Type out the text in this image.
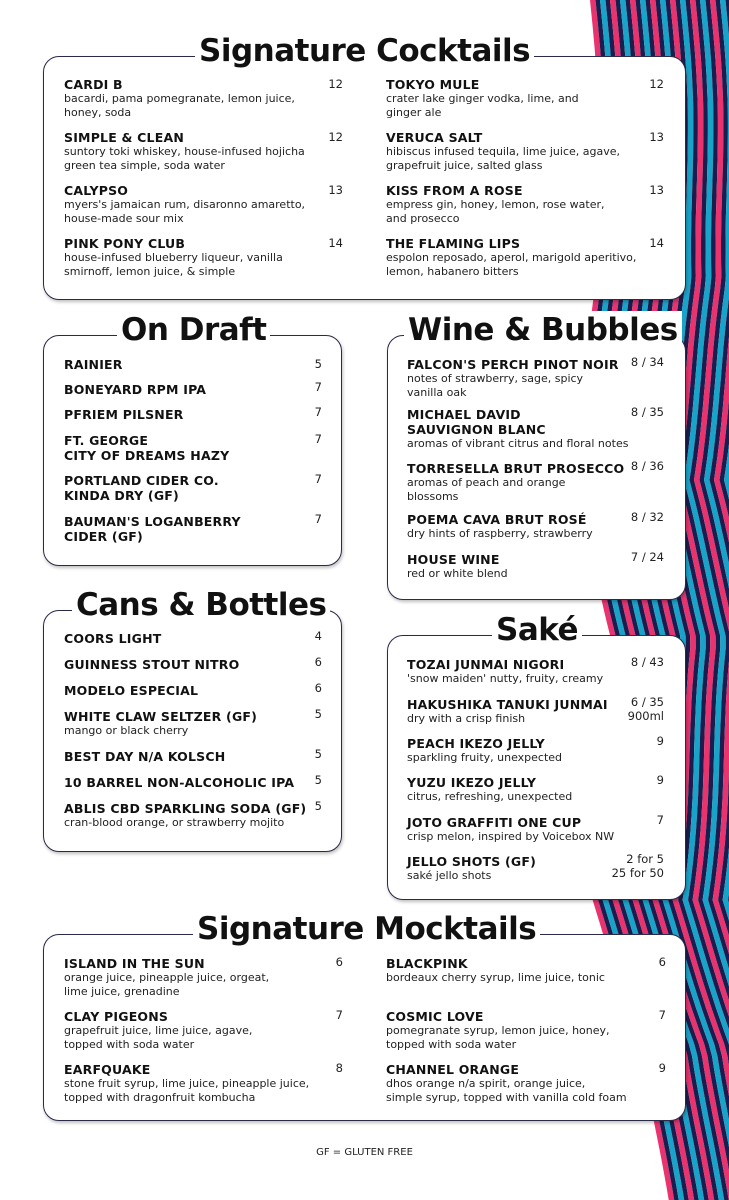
Signature Cocktails
On Draft	Wine & Bubbles
Cans & Bottles
Saké
Signature Mocktails
CARDI B
bacardi, pama pomegranate, lemon juice,
honey, soda
12
SIMPLE & CLEAN
suntory toki whiskey, house-infused hojicha
green tea simple, soda water
12
CALYPSO
myers's jamaican rum, disaronno amaretto,
house-made sour mix
13
PINK PONY CLUB
house-infused blueberry liqueur, vanilla
smirnoff, lemon juice, & simple
14
TOKYO MULE
crater lake ginger vodka, lime, and
ginger ale
12
VERUCA SALT
hibiscus infused tequila, lime juice, agave,
grapefruit juice, salted glass
13
KISS FROM A ROSE
empress gin, honey, lemon, rose water,
and prosecco
13
THE FLAMING LIPS
espolon reposado, aperol, marigold aperitivo,
lemon, habanero bitters
14
RAINIER	5
BONEYARD RPM IPA	7
PFRIEM PILSNER	7
FT. GEORGE
CITY OF DREAMS HAZY
7
PORTLAND CIDER CO.
KINDA DRY (GF)
7
BAUMAN'S LOGANBERRY
CIDER (GF)
7
FALCON'S PERCH PINOT NOIR
notes of strawberry, sage, spicy
vanilla oak
8 / 34
MICHAEL DAVID
SAUVIGNON BLANC
aromas of vibrant citrus and floral notes
8 / 35
TORRESELLA BRUT PROSECCO
aromas of peach and orange
blossoms
8 / 36
POEMA CAVA BRUT ROSÉ
dry hints of raspberry, strawberry
8 / 32
HOUSE WINE
red or white blend
7 / 24
COORS LIGHT	4
GUINNESS STOUT NITRO	6
MODELO ESPECIAL	6
WHITE CLAW SELTZER (GF)
mango or black cherry
5
BEST DAY N/A KOLSCH	5
10 BARREL NON-ALCOHOLIC IPA 5
ABLIS CBD SPARKLING SODA (GF)
cran-blood orange, or strawberry mojito
5
TOZAI JUNMAI NIGORI
'snow maiden' nutty, fruity, creamy
8 / 43
HAKUSHIKA TANUKI JUNMAI
dry with a crisp finish
6 / 35
900ml
PEACH IKEZO JELLY
sparkling fruity, unexpected
9
YUZU IKEZO JELLY
citrus, refreshing, unexpected
9
JOTO GRAFFITI ONE CUP
crisp melon, inspired by Voicebox NW
7
JELLO SHOTS (GF)
saké jello shots
2 for 5
25 for 50
ISLAND IN THE SUN
orange juice, pineapple juice, orgeat,
lime juice, grenadine
6
CLAY PIGEONS
grapefruit juice, lime juice, agave,
topped with soda water
7
EARFQUAKE
stone fruit syrup, lime juice, pineapple juice,
topped with dragonfruit kombucha
8
BLACKPINK
bordeaux cherry syrup, lime juice, tonic
6
COSMIC LOVE
pomegranate syrup, lemon juice, honey,
topped with soda water
7
CHANNEL ORANGE
dhos orange n/a spirit, orange juice,
simple syrup, topped with vanilla cold foam
9
GF = GLUTEN FREE
